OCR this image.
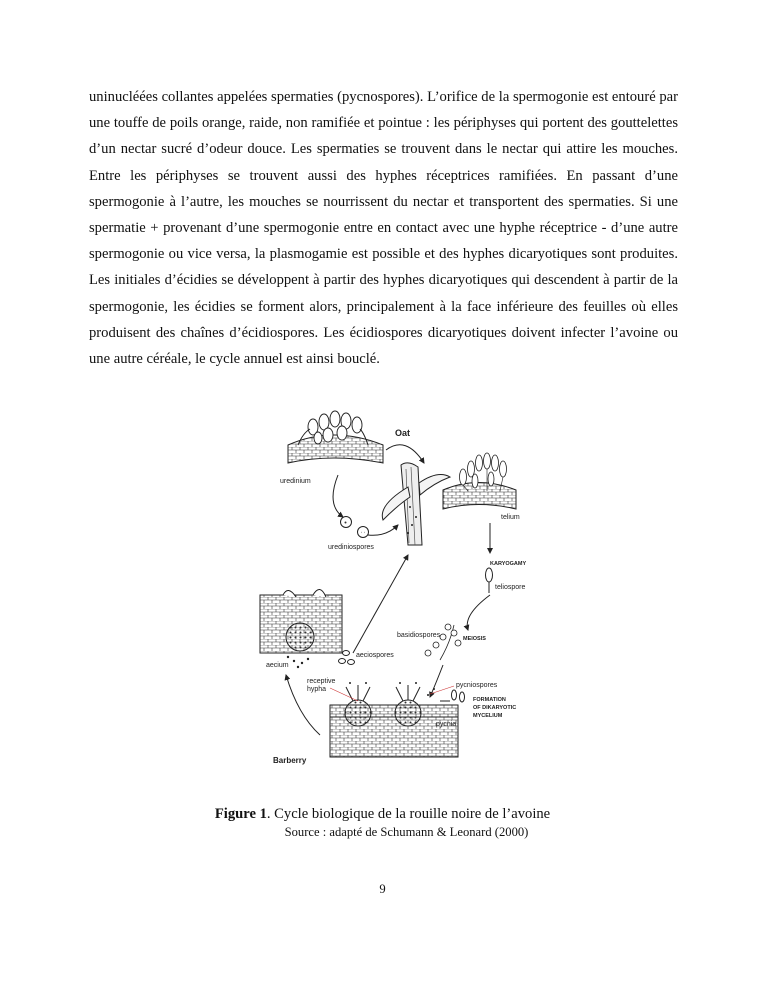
uninucléées collantes appelées spermaties (pycnospores). L’orifice de la spermogonie est entouré par une touffe de poils orange, raide, non ramifiée et pointue : les périphyses qui portent des gouttelettes d’un nectar sucré d’odeur douce. Les spermaties se trouvent dans le nectar qui attire les mouches. Entre les périphyses se trouvent aussi des hyphes réceptrices ramifiées. En passant d’une spermogonie à l’autre, les mouches se nourrissent du nectar et transportent des spermaties. Si une spermatie + provenant d’une spermogonie entre en contact avec une hyphe réceptrice - d’une autre spermogonie ou vice versa, la plasmogamie est possible et des hyphes dicaryotiques sont produites. Les initiales d’écidies se développent à partir des hyphes dicaryotiques qui descendent à partir de la spermogonie, les écidies se forment alors, principalement à la face inférieure des feuilles où elles produisent des chaînes d’écidiospores. Les écidiospores dicaryotiques doivent infecter l’avoine ou une autre céréale, le cycle annuel est ainsi bouclé.

Oat
uredinium
telium
urediniospores
KARYOGAMY
teliospore
basidiospores	MEIOSIS
aeciospores
aecium
receptive
hypha
pycniospores
FORMATION
OF DIKARYOTIC
MYCELIUM
pycnia
Barberry

Figure 1. Cycle biologique de la rouille noire de l’avoine

Source : adapté de Schumann & Leonard (2000)

9
